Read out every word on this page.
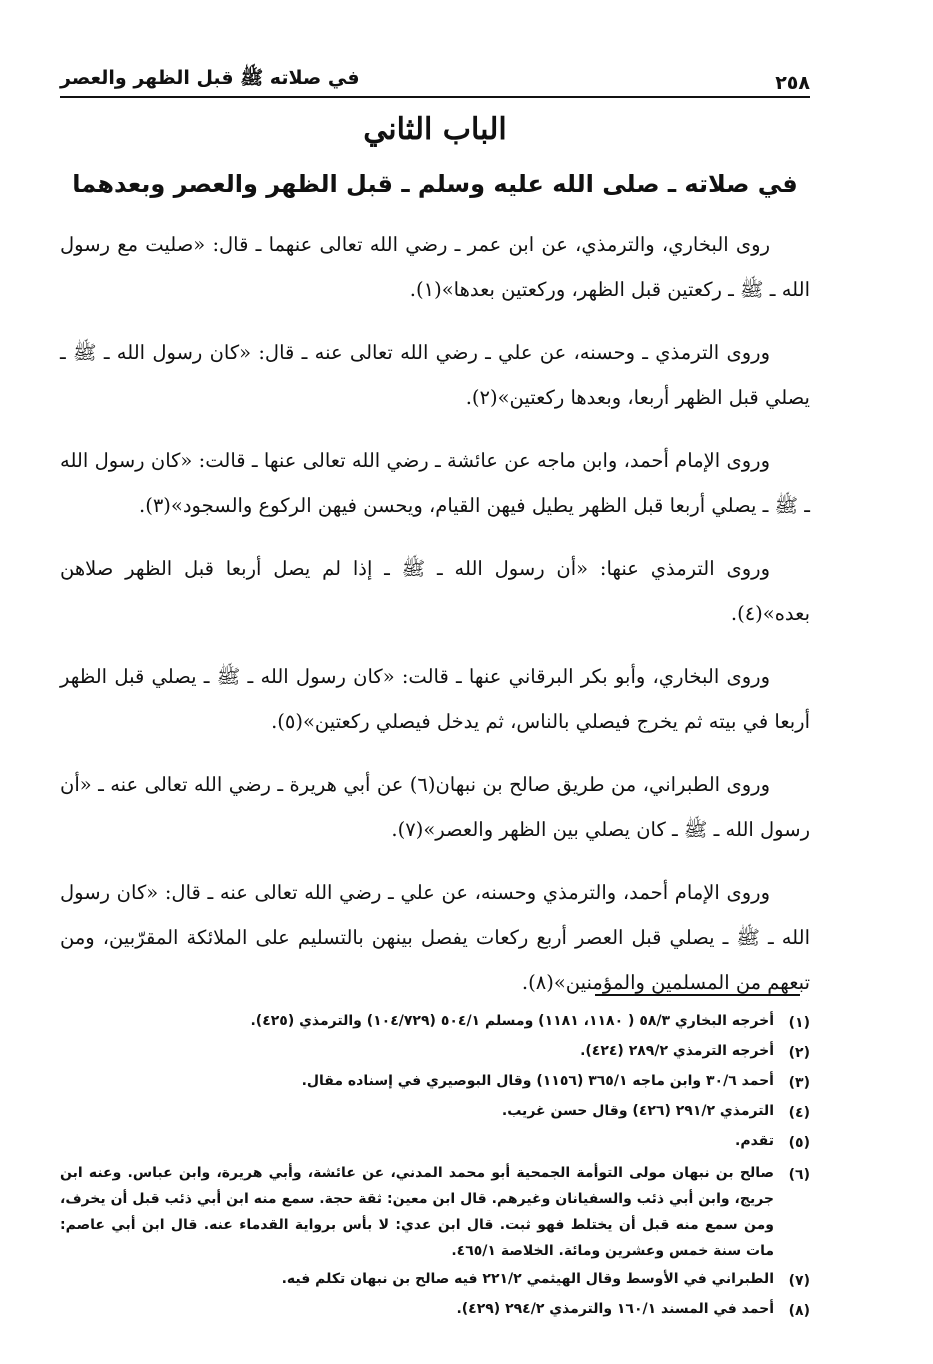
٢٥٨
في صلاته ﷺ قبل الظهر والعصر
الباب الثاني
في صلاته ـ صلى الله عليه وسلم ـ قبل الظهر والعصر وبعدهما

روى البخاري، والترمذي، عن ابن عمر ـ رضي الله تعالى عنهما ـ قال: «صليت مع رسول الله ـ ﷺ ـ ركعتين قبل الظهر، وركعتين بعدها»(١).

وروى الترمذي ـ وحسنه، عن علي ـ رضي الله تعالى عنه ـ قال: «كان رسول الله ـ ﷺ ـ يصلي قبل الظهر أربعا، وبعدها ركعتين»(٢).

وروى الإمام أحمد، وابن ماجه عن عائشة ـ رضي الله تعالى عنها ـ قالت: «كان رسول الله ـ ﷺ ـ يصلي أربعا قبل الظهر يطيل فيهن القيام، ويحسن فيهن الركوع والسجود»(٣).

وروى الترمذي عنها: «أن رسول الله ـ ﷺ ـ إذا لم يصل أربعا قبل الظهر صلاهن بعده»(٤).

وروى البخاري، وأبو بكر البرقاني عنها ـ قالت: «كان رسول الله ـ ﷺ ـ يصلي قبل الظهر أربعا في بيته ثم يخرج فيصلي بالناس، ثم يدخل فيصلي ركعتين»(٥).

وروى الطبراني، من طريق صالح بن نبهان(٦) عن أبي هريرة ـ رضي الله تعالى عنه ـ «أن رسول الله ـ ﷺ ـ كان يصلي بين الظهر والعصر»(٧).

وروى الإمام أحمد، والترمذي وحسنه، عن علي ـ رضي الله تعالى عنه ـ قال: «كان رسول الله ـ ﷺ ـ يصلي قبل العصر أربع ركعات يفصل بينهن بالتسليم على الملائكة المقرّبين، ومن تبعهم من المسلمين والمؤمنين»(٨).

(١)
أخرجه البخاري ٥٨/٣ ( ١١٨٠، ١١٨١) ومسلم ٥٠٤/١ (١٠٤/٧٢٩) والترمذي (٤٢٥).
(٢)
أخرجه الترمذي ٢٨٩/٢ (٤٢٤).
(٣)
أحمد ٣٠/٦ وابن ماجه ٣٦٥/١ (١١٥٦) وقال البوصيري في إسناده مقال.
(٤)
الترمذي ٢٩١/٢ (٤٢٦) وقال حسن غريب.
(٥)
تقدم.
(٦)
صالح بن نبهان مولى التوأمة الجمحية أبو محمد المدني، عن عائشة، وأبي هريرة، وابن عباس. وعنه ابن جريج، وابن أبي ذئب والسفيانان وغيرهم. قال ابن معين: ثقة حجة. سمع منه ابن أبي ذئب قبل أن يخرف، ومن سمع منه قبل أن يختلط فهو ثبت. قال ابن عدي: لا بأس برواية القدماء عنه. قال ابن أبي عاصم: مات سنة خمس وعشرين ومائة. الخلاصة ٤٦٥/١.
(٧)
الطبراني في الأوسط وقال الهيثمي ٢٢١/٢ فيه صالح بن نبهان تكلم فيه.
(٨)
أحمد في المسند ١٦٠/١ والترمذي ٢٩٤/٢ (٤٢٩).
